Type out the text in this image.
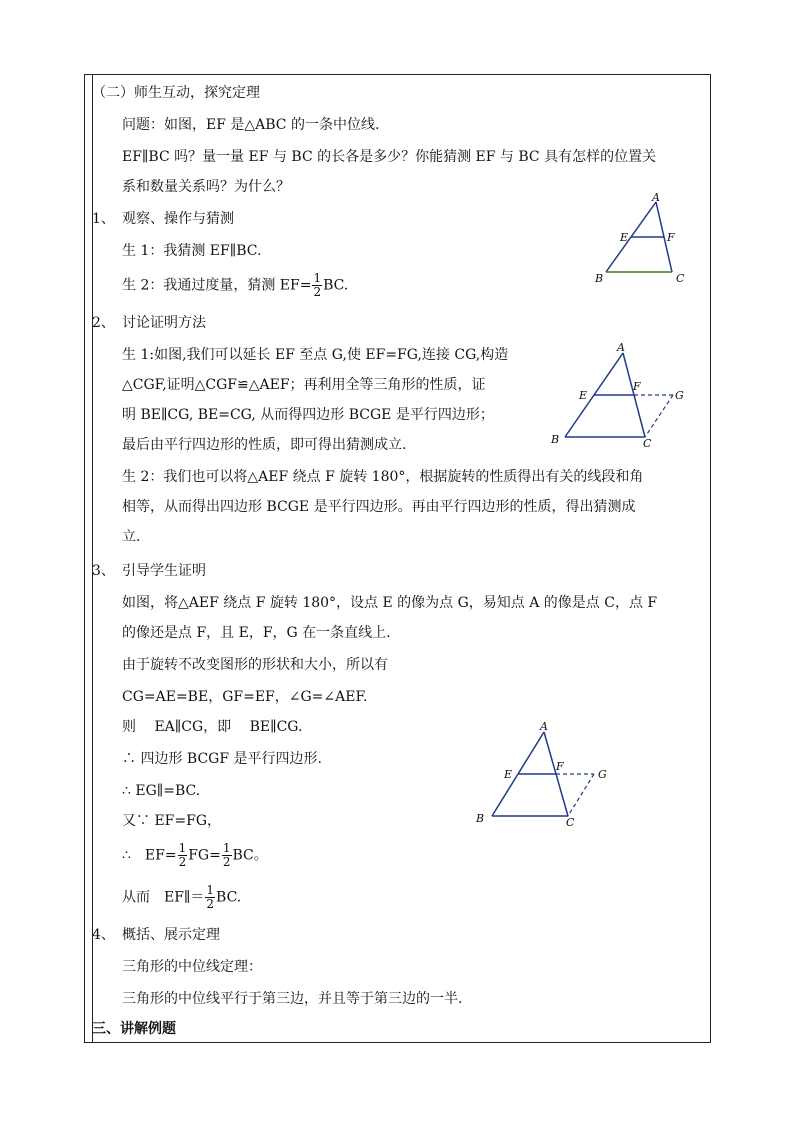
（二）师生互动，探究定理
问题：如图，EF 是△ABC 的一条中位线.
EF∥BC 吗？量一量 EF 与 BC 的长各是多少？你能猜测 EF 与 BC 具有怎样的位置关
系和数量关系吗？为什么？
1、 观察、操作与猜测
生 1：我猜测 EF∥BC.
生 2：我通过度量，猜测 $EF= \frac{1}{2}$ BC.
A
E	F
B	C
2、 讨论证明方法
生 1:如图,我们可以延长 EF 至点 G,使 EF=FG,连接 CG,构造
△CGF,证明△CGF≌△AEF；再利用全等三角形的性质，证
明 BE∥CG, BE=CG, 从而得四边形 BCGE 是平行四边形；
最后由平行四边形的性质，即可得出猜测成立.
A
E
F
G
B	C
生 2：我们也可以将△AEF 绕点 F 旋转 180°，根据旋转的性质得出有关的线段和角
相等，从而得出四边形 BCGE 是平行四边形。再由平行四边形的性质，得出猜测成
立.
3、 引导学生证明
如图，将△AEF 绕点 F 旋转 180°，设点 E 的像为点 G，易知点 A 的像是点 C，点 F
的像还是点 F，且 E，F，G 在一条直线上.
由于旋转不改变图形的形状和大小，所以有
CG=AE=BE，GF=EF，∠G=∠AEF.
则　 EA∥CG，即　 BE∥CG.
∴ 四边形 BCGF 是平行四边形.
∴ EG∥=BC.
又∵ EF=FG，
∴　$EF= \frac{1}{2} FG= \frac{1}{2}$ BC。
从而　EF∥＝ $\frac{1}{2}$ BC.
A
E
F
G
B	C
4、 概括、展示定理
三角形的中位线定理：
三角形的中位线平行于第三边，并且等于第三边的一半.
三、讲解例题
